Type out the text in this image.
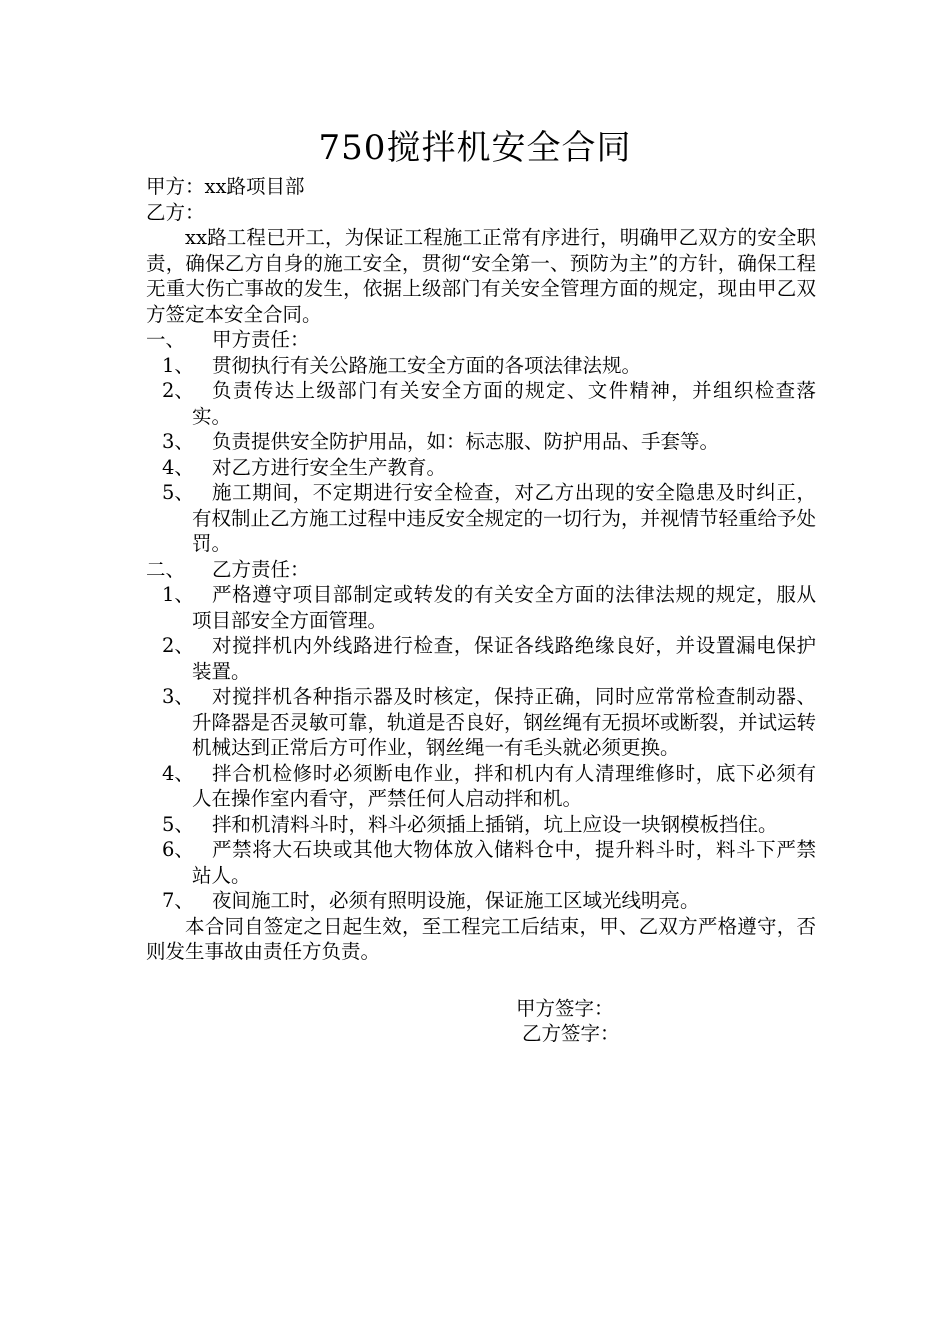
750搅拌机安全合同
甲方：xx路项目部
乙方：
xx路工程已开工，为保证工程施工正常有序进行，明确甲乙双方的安全职责，确保乙方自身的施工安全，贯彻“安全第一、预防为主”的方针，确保工程无重大伤亡事故的发生，依据上级部门有关安全管理方面的规定，现由甲乙双方签定本安全合同。
一、 甲方责任：
1、 贯彻执行有关公路施工安全方面的各项法律法规。
2、 负责传达上级部门有关安全方面的规定、文件精神，并组织检查落实。
3、 负责提供安全防护用品，如：标志服、防护用品、手套等。
4、 对乙方进行安全生产教育。
5、 施工期间，不定期进行安全检查，对乙方出现的安全隐患及时纠正，有权制止乙方施工过程中违反安全规定的一切行为，并视情节轻重给予处罚。
二、 乙方责任：
1、 严格遵守项目部制定或转发的有关安全方面的法律法规的规定，服从项目部安全方面管理。
2、 对搅拌机内外线路进行检查，保证各线路绝缘良好，并设置漏电保护装置。
3、 对搅拌机各种指示器及时核定，保持正确，同时应常常检查制动器、升降器是否灵敏可靠，轨道是否良好，钢丝绳有无损坏或断裂，并试运转机械达到正常后方可作业，钢丝绳一有毛头就必须更换。
4、 拌合机检修时必须断电作业，拌和机内有人清理维修时，底下必须有人在操作室内看守，严禁任何人启动拌和机。
5、 拌和机清料斗时，料斗必须插上插销，坑上应设一块钢模板挡住。
6、 严禁将大石块或其他大物体放入储料仓中，提升料斗时，料斗下严禁站人。
7、 夜间施工时，必须有照明设施，保证施工区域光线明亮。
本合同自签定之日起生效，至工程完工后结束，甲、乙双方严格遵守，否则发生事故由责任方负责。
甲方签字：
乙方签字：
